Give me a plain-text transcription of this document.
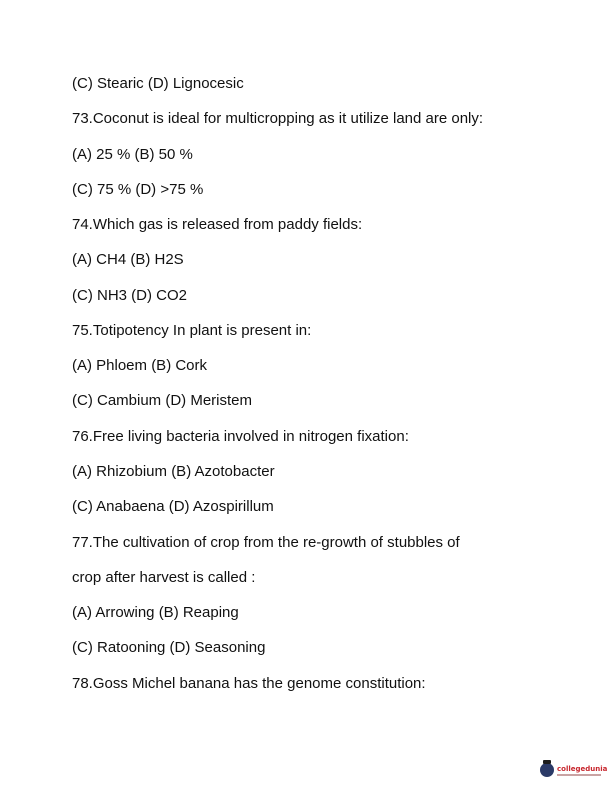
(C) Stearic (D) Lignocesic
73.Coconut is ideal for multicropping as it utilize land are only:
(A) 25 % (B) 50 %
(C) 75 % (D) >75 %
74.Which gas is released from paddy fields:
(A) CH4 (B) H2S
(C) NH3 (D) CO2
75.Totipotency In plant is present in:
(A) Phloem (B) Cork
(C) Cambium (D) Meristem
76.Free living bacteria involved in nitrogen fixation:
(A) Rhizobium (B) Azotobacter
(C) Anabaena (D) Azospirillum
77.The cultivation of crop from the re-growth of stubbles of
crop after harvest is called :
(A) Arrowing (B) Reaping
(C) Ratooning (D) Seasoning
78.Goss Michel banana has the genome constitution:
collegedunia
